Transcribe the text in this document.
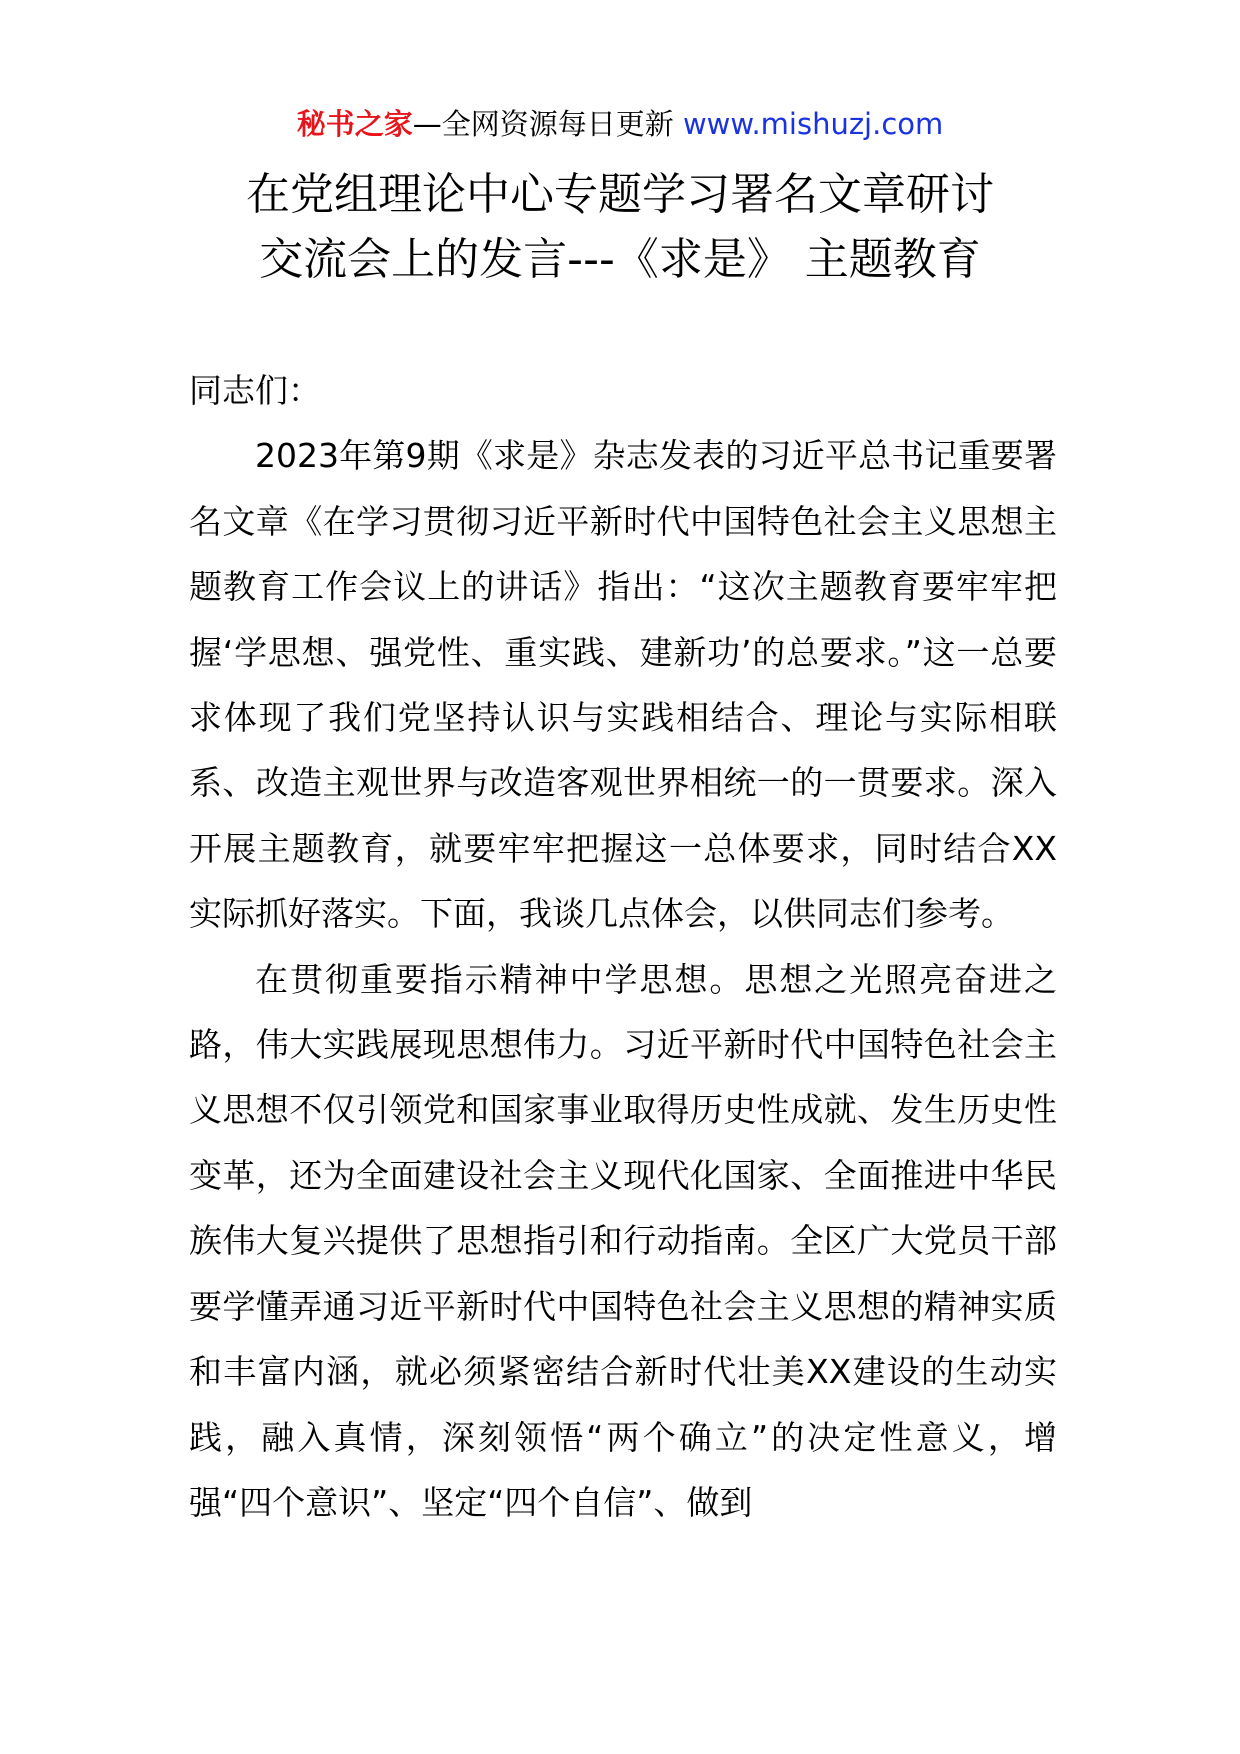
秘书之家—全网资源每日更新 www.mishuzj.com
在党组理论中心专题学习署名文章研讨
交流会上的发言---《求是》 主题教育

同志们：

2023年第9期《求是》杂志发表的习近平总书记重要署名文章《在学习贯彻习近平新时代中国特色社会主义思想主题教育工作会议上的讲话》指出：“这次主题教育要牢牢把握‘学思想、强党性、重实践、建新功’的总要求。”这一总要求体现了我们党坚持认识与实践相结合、理论与实际相联系、改造主观世界与改造客观世界相统一的一贯要求。深入开展主题教育，就要牢牢把握这一总体要求，同时结合XX实际抓好落实。下面，我谈几点体会，以供同志们参考。

在贯彻重要指示精神中学思想。思想之光照亮奋进之路，伟大实践展现思想伟力。习近平新时代中国特色社会主义思想不仅引领党和国家事业取得历史性成就、发生历史性变革，还为全面建设社会主义现代化国家、全面推进中华民族伟大复兴提供了思想指引和行动指南。全区广大党员干部要学懂弄通习近平新时代中国特色社会主义思想的精神实质和丰富内涵，就必须紧密结合新时代壮美XX建设的生动实践，融入真情，深刻领悟“两个确立”的决定性意义，增强“四个意识”、坚定“四个自信”、做到
